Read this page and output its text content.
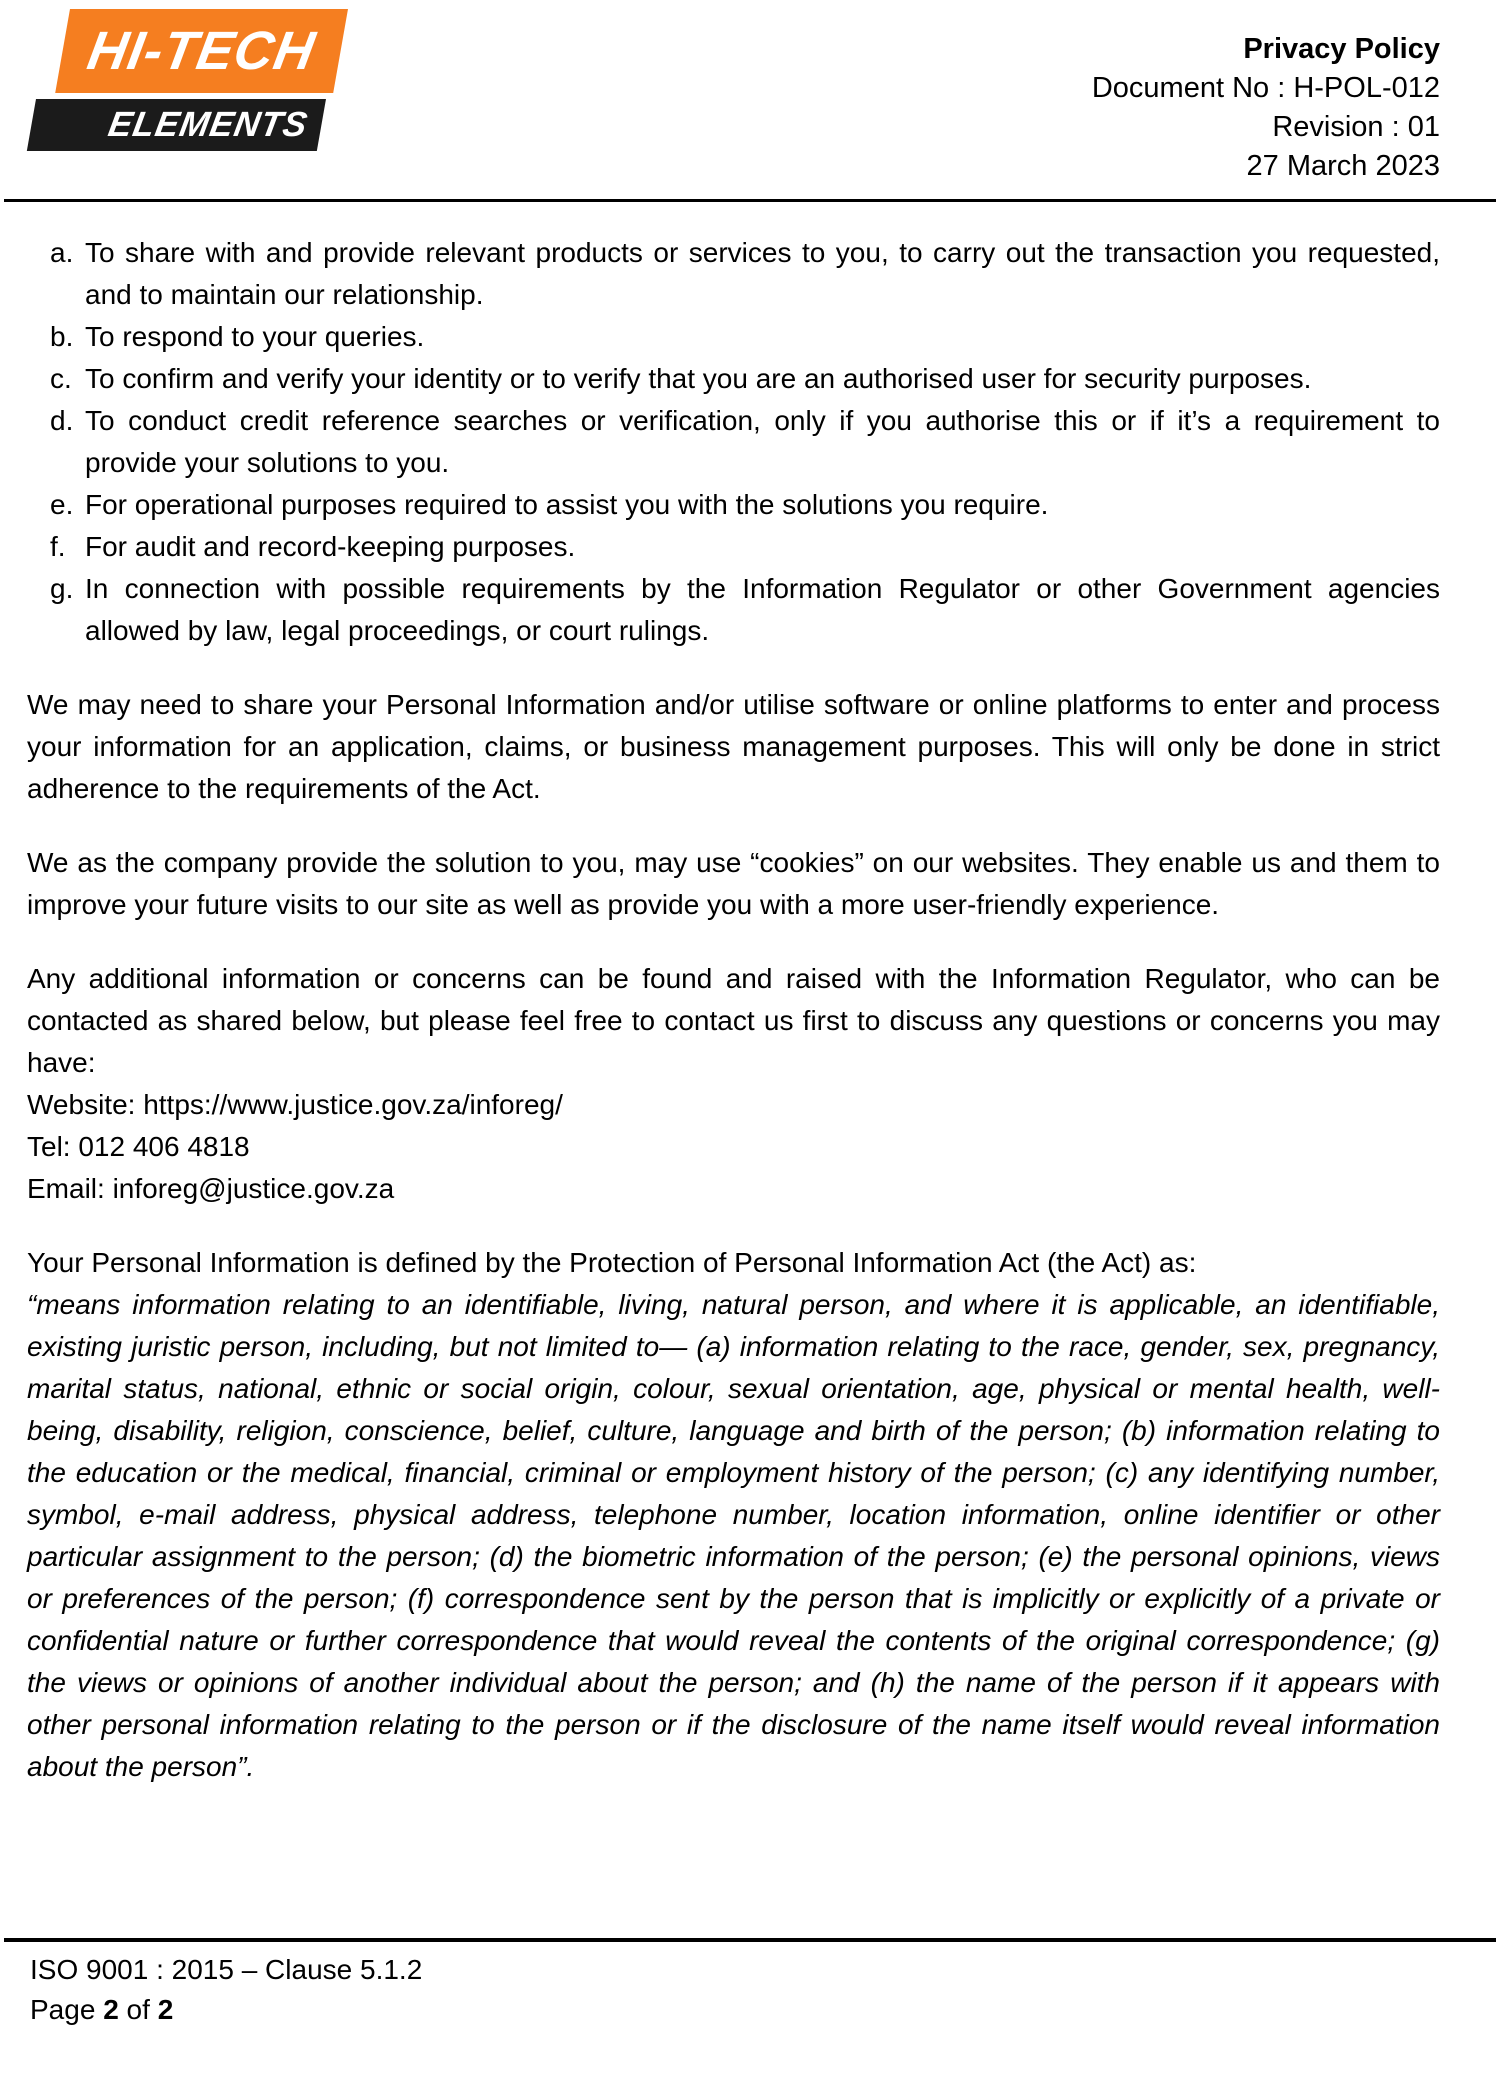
HI-TECH
ELEMENTS
Privacy Policy
Document No : H-POL-012
Revision : 01
27 March 2023
a. To share with and provide relevant products or services to you, to carry out the transaction you requested, and to maintain our relationship.
b. To respond to your queries.
c. To confirm and verify your identity or to verify that you are an authorised user for security purposes.
d. To conduct credit reference searches or verification, only if you authorise this or if it’s a requirement to provide your solutions to you.
e. For operational purposes required to assist you with the solutions you require.
f. For audit and record-keeping purposes.
g. In connection with possible requirements by the Information Regulator or other Government agencies allowed by law, legal proceedings, or court rulings.

We may need to share your Personal Information and/or utilise software or online platforms to enter and process your information for an application, claims, or business management purposes. This will only be done in strict adherence to the requirements of the Act.

We as the company provide the solution to you, may use “cookies” on our websites. They enable us and them to improve your future visits to our site as well as provide you with a more user-friendly experience.

Any additional information or concerns can be found and raised with the Information Regulator, who can be contacted as shared below, but please feel free to contact us first to discuss any questions or concerns you may have:

Website: https://www.justice.gov.za/inforeg/
Tel: 012 406 4818
Email: inforeg@justice.gov.za

Your Personal Information is defined by the Protection of Personal Information Act (the Act) as:

“means information relating to an identifiable, living, natural person, and where it is applicable, an identifiable, existing juristic person, including, but not limited to— (a) information relating to the race, gender, sex, pregnancy, marital status, national, ethnic or social origin, colour, sexual orientation, age, physical or mental health, well-being, disability, religion, conscience, belief, culture, language and birth of the person; (b) information relating to the education or the medical, financial, criminal or employment history of the person; (c) any identifying number, symbol, e-mail address, physical address, telephone number, location information, online identifier or other particular assignment to the person; (d) the biometric information of the person; (e) the personal opinions, views or preferences of the person; (f) correspondence sent by the person that is implicitly or explicitly of a private or confidential nature or further correspondence that would reveal the contents of the original correspondence; (g) the views or opinions of another individual about the person; and (h) the name of the person if it appears with other personal information relating to the person or if the disclosure of the name itself would reveal information about the person”.

ISO 9001 : 2015 – Clause 5.1.2
Page 2 of 2
